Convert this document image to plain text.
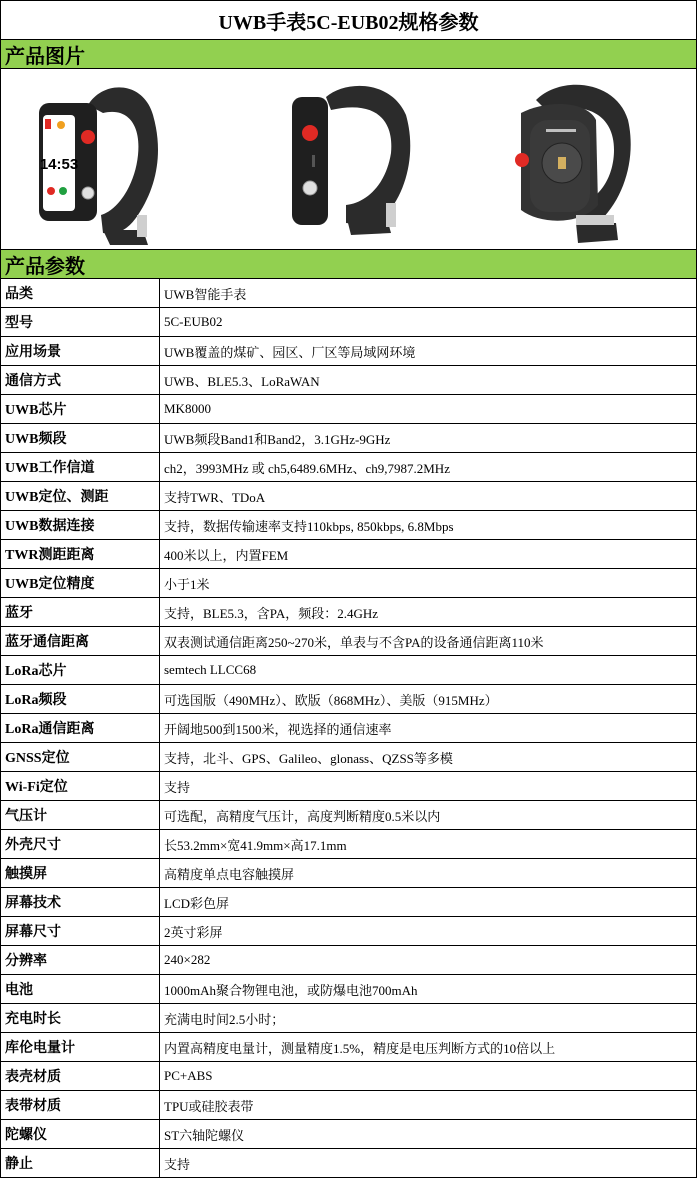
UWB手表5C-EUB02规格参数
产品图片
14:53
产品参数
品类	UWB智能手表
型号	5C-EUB02
应用场景	UWB覆盖的煤矿、园区、厂区等局域网环境
通信方式	UWB、BLE5.3、LoRaWAN
UWB芯片	MK8000
UWB频段	UWB频段Band1和Band2，3.1GHz-9GHz
UWB工作信道	ch2，3993MHz 或 ch5,6489.6MHz、ch9,7987.2MHz
UWB定位、测距	支持TWR、TDoA
UWB数据连接	支持，数据传输速率支持110kbps, 850kbps, 6.8Mbps
TWR测距距离	400米以上，内置FEM
UWB定位精度	小于1米
蓝牙	支持，BLE5.3，含PA，频段：2.4GHz
蓝牙通信距离	双表测试通信距离250~270米，单表与不含PA的设备通信距离110米
LoRa芯片	semtech LLCC68
LoRa频段	可选国版（490MHz）、欧版（868MHz）、美版（915MHz）
LoRa通信距离	开阔地500到1500米，视选择的通信速率
GNSS定位	支持，北斗、GPS、Galileo、glonass、QZSS等多模
Wi-Fi定位	支持
气压计	可选配，高精度气压计，高度判断精度0.5米以内
外壳尺寸	长53.2mm×宽41.9mm×高17.1mm
触摸屏	高精度单点电容触摸屏
屏幕技术	LCD彩色屏
屏幕尺寸	2英寸彩屏
分辨率	240×282
电池	1000mAh聚合物锂电池，或防爆电池700mAh
充电时长	充满电时间2.5小时；
库伦电量计	内置高精度电量计，测量精度1.5%，精度是电压判断方式的10倍以上
表壳材质	PC+ABS
表带材质	TPU或硅胶表带
陀螺仪	ST六轴陀螺仪
静止	支持
